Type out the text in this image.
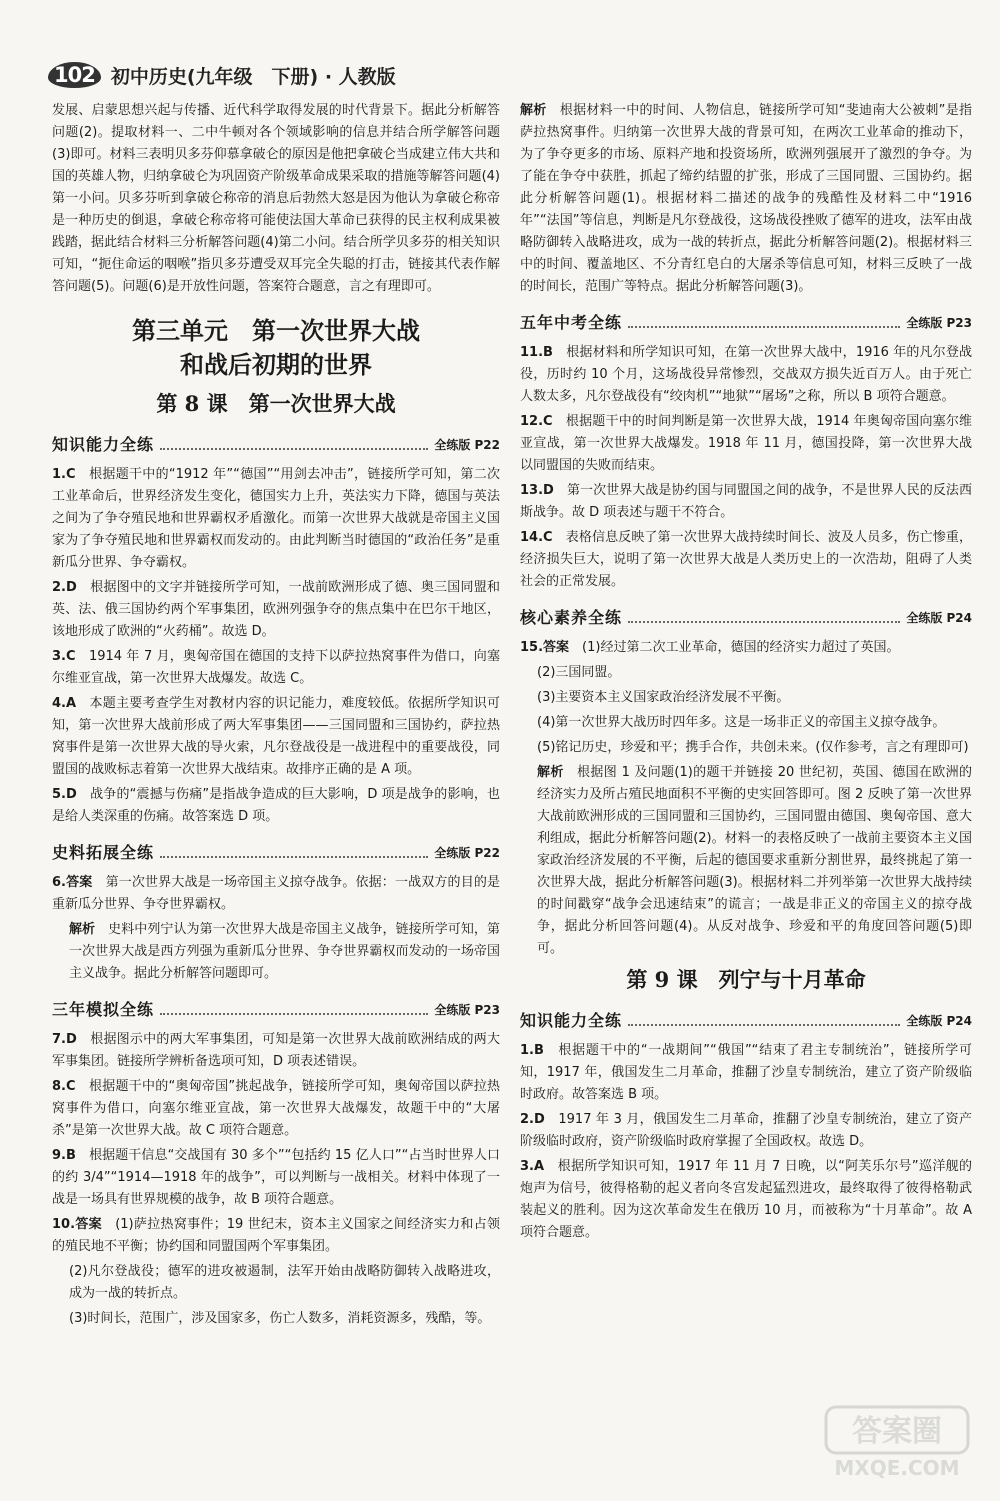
102 初中历史(九年级　下册) · 人教版

发展、启蒙思想兴起与传播、近代科学取得发展的时代背景下。据此分析解答问题(2)。提取材料一、二中牛顿对各个领域影响的信息并结合所学解答问题(3)即可。材料三表明贝多芬仰慕拿破仑的原因是他把拿破仑当成建立伟大共和国的英雄人物，归纳拿破仑为巩固资产阶级革命成果采取的措施等解答问题(4)第一小问。贝多芬听到拿破仑称帝的消息后勃然大怒是因为他认为拿破仑称帝是一种历史的倒退，拿破仑称帝将可能使法国大革命已获得的民主权利成果被践踏，据此结合材料三分析解答问题(4)第二小问。结合所学贝多芬的相关知识可知，“扼住命运的咽喉”指贝多芬遭受双耳完全失聪的打击，链接其代表作解答问题(5)。问题(6)是开放性问题，答案符合题意，言之有理即可。

第三单元　第一次世界大战
和战后初期的世界
第 8 课　第一次世界大战
知识能力全练	全练版 P22

1.C　根据题干中的“1912 年”“德国”“用剑去冲击”，链接所学可知，第二次工业革命后，世界经济发生变化，德国实力上升，英法实力下降，德国与英法之间为了争夺殖民地和世界霸权矛盾激化。而第一次世界大战就是帝国主义国家为了争夺殖民地和世界霸权而发动的。由此判断当时德国的“政治任务”是重新瓜分世界、争夺霸权。

2.D　根据图中的文字并链接所学可知，一战前欧洲形成了德、奥三国同盟和英、法、俄三国协约两个军事集团，欧洲列强争夺的焦点集中在巴尔干地区，该地形成了欧洲的“火药桶”。故选 D。

3.C　1914 年 7 月，奥匈帝国在德国的支持下以萨拉热窝事件为借口，向塞尔维亚宣战，第一次世界大战爆发。故选 C。

4.A　本题主要考查学生对教材内容的识记能力，难度较低。依据所学知识可知，第一次世界大战前形成了两大军事集团——三国同盟和三国协约，萨拉热窝事件是第一次世界大战的导火索，凡尔登战役是一战进程中的重要战役，同盟国的战败标志着第一次世界大战结束。故排序正确的是 A 项。

5.D　战争的“震撼与伤痛”是指战争造成的巨大影响，D 项是战争的影响，也是给人类深重的伤痛。故答案选 D 项。

史料拓展全练	全练版 P22

6.答案　第一次世界大战是一场帝国主义掠夺战争。依据：一战双方的目的是重新瓜分世界、争夺世界霸权。

解析　史料中列宁认为第一次世界大战是帝国主义战争，链接所学可知，第一次世界大战是西方列强为重新瓜分世界、争夺世界霸权而发动的一场帝国主义战争。据此分析解答问题即可。

三年模拟全练	全练版 P23

7.D　根据图示中的两大军事集团，可知是第一次世界大战前欧洲结成的两大军事集团。链接所学辨析备选项可知，D 项表述错误。

8.C　根据题干中的“奥匈帝国”挑起战争，链接所学可知，奥匈帝国以萨拉热窝事件为借口，向塞尔维亚宣战，第一次世界大战爆发，故题干中的“大屠杀”是第一次世界大战。故 C 项符合题意。

9.B　根据题干信息“交战国有 30 多个”“包括约 15 亿人口”“占当时世界人口的约 3/4”“1914—1918 年的战争”，可以判断与一战相关。材料中体现了一战是一场具有世界规模的战争，故 B 项符合题意。

10.答案　(1)萨拉热窝事件；19 世纪末，资本主义国家之间经济实力和占领的殖民地不平衡；协约国和同盟国两个军事集团。

(2)凡尔登战役；德军的进攻被遏制，法军开始由战略防御转入战略进攻，成为一战的转折点。

(3)时间长，范围广，涉及国家多，伤亡人数多，消耗资源多，残酷，等。

解析　根据材料一中的时间、人物信息，链接所学可知“斐迪南大公被刺”是指萨拉热窝事件。归纳第一次世界大战的背景可知，在两次工业革命的推动下，为了争夺更多的市场、原料产地和投资场所，欧洲列强展开了激烈的争夺。为了能在争夺中获胜，抓起了缔约结盟的扩张，形成了三国同盟、三国协约。据此分析解答问题(1)。根据材料二描述的战争的残酷性及材料二中“1916 年”“法国”等信息，判断是凡尔登战役，这场战役挫败了德军的进攻，法军由战略防御转入战略进攻，成为一战的转折点，据此分析解答问题(2)。根据材料三中的时间、覆盖地区、不分青红皂白的大屠杀等信息可知，材料三反映了一战的时间长，范围广等特点。据此分析解答问题(3)。

五年中考全练	全练版 P23

11.B　根据材料和所学知识可知，在第一次世界大战中，1916 年的凡尔登战役，历时约 10 个月，这场战役异常惨烈，交战双方损失近百万人。由于死亡人数太多，凡尔登战役有“绞肉机”“地狱”“屠场”之称，所以 B 项符合题意。

12.C　根据题干中的时间判断是第一次世界大战，1914 年奥匈帝国向塞尔维亚宣战，第一次世界大战爆发。1918 年 11 月，德国投降，第一次世界大战以同盟国的失败而结束。

13.D　第一次世界大战是协约国与同盟国之间的战争，不是世界人民的反法西斯战争。故 D 项表述与题干不符合。

14.C　表格信息反映了第一次世界大战持续时间长、波及人员多，伤亡惨重，经济损失巨大，说明了第一次世界大战是人类历史上的一次浩劫，阻碍了人类社会的正常发展。

核心素养全练	全练版 P24

15.答案　(1)经过第二次工业革命，德国的经济实力超过了英国。

(2)三国同盟。

(3)主要资本主义国家政治经济发展不平衡。

(4)第一次世界大战历时四年多。这是一场非正义的帝国主义掠夺战争。

(5)铭记历史，珍爱和平；携手合作，共创未来。(仅作参考，言之有理即可)

解析　根据图 1 及问题(1)的题干并链接 20 世纪初，英国、德国在欧洲的经济实力及所占殖民地面积不平衡的史实回答即可。图 2 反映了第一次世界大战前欧洲形成的三国同盟和三国协约，三国同盟由德国、奥匈帝国、意大利组成，据此分析解答问题(2)。材料一的表格反映了一战前主要资本主义国家政治经济发展的不平衡，后起的德国要求重新分割世界，最终挑起了第一次世界大战，据此分析解答问题(3)。根据材料二并列举第一次世界大战持续的时间戳穿“战争会迅速结束”的谎言；一战是非正义的帝国主义的掠夺战争，据此分析回答问题(4)。从反对战争、珍爱和平的角度回答问题(5)即可。

第 9 课　列宁与十月革命
知识能力全练	全练版 P24

1.B　根据题干中的“一战期间”“俄国”“结束了君主专制统治”，链接所学可知，1917 年，俄国发生二月革命，推翻了沙皇专制统治，建立了资产阶级临时政府。故答案选 B 项。

2.D　1917 年 3 月，俄国发生二月革命，推翻了沙皇专制统治，建立了资产阶级临时政府，资产阶级临时政府掌握了全国政权。故选 D。

3.A　根据所学知识可知，1917 年 11 月 7 日晚，以“阿芙乐尔号”巡洋舰的炮声为信号，彼得格勒的起义者向冬宫发起猛烈进攻，最终取得了彼得格勒武装起义的胜利。因为这次革命发生在俄历 10 月，而被称为“十月革命”。故 A 项符合题意。

答案圈
MXQE.COM
